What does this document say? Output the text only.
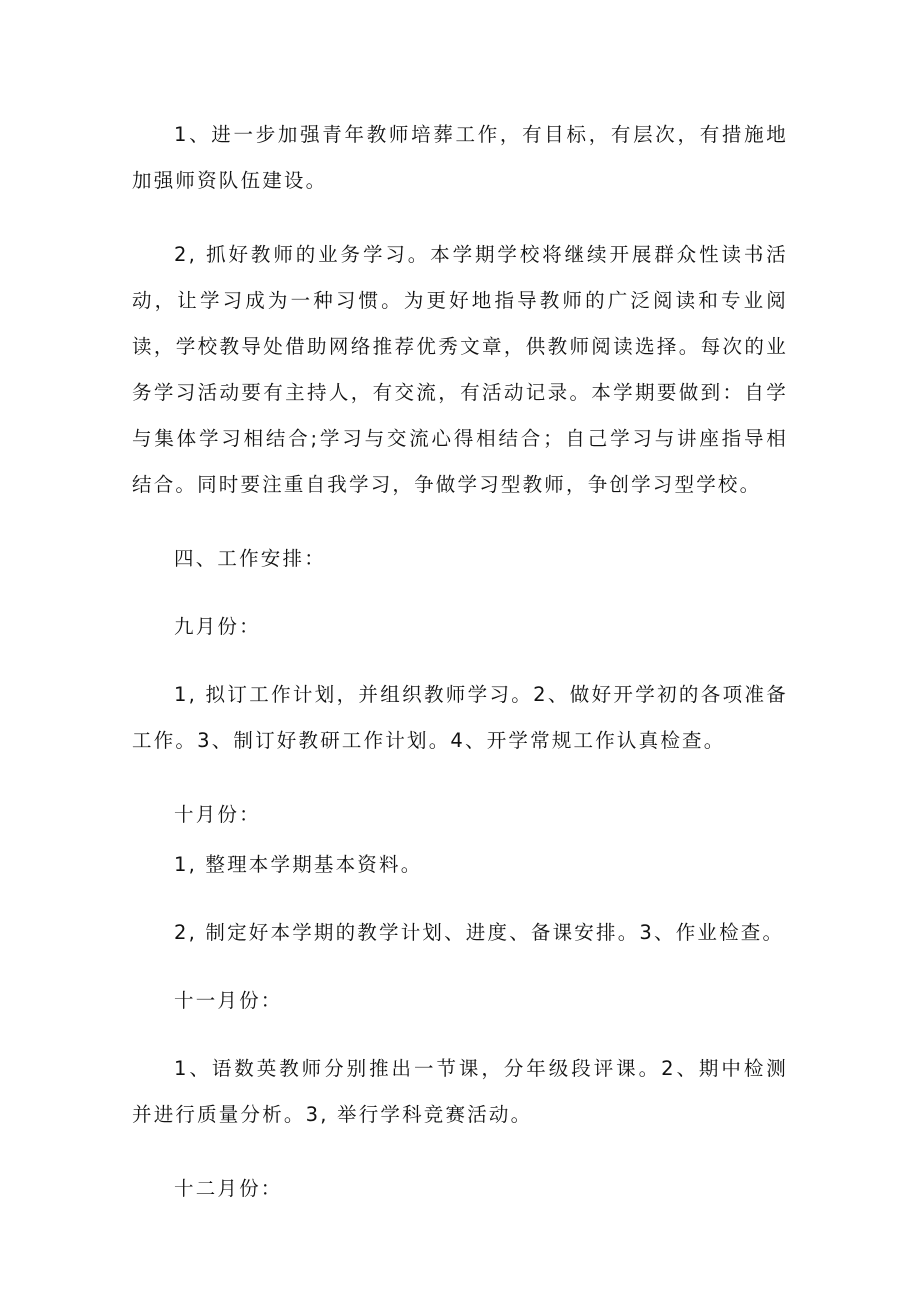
1、进一步加强青年教师培葬工作，有目标，有层次，有措施地加强师资队伍建设。

2, 抓好教师的业务学习。本学期学校将继续开展群众性读书活动，让学习成为一种习惯。为更好地指导教师的广泛阅读和专业阅读，学校教导处借助网络推荐优秀文章，供教师阅读选择。每次的业务学习活动要有主持人，有交流，有活动记录。本学期要做到：自学与集体学习相结合;学习与交流心得相结合；自己学习与讲座指导相结合。同时要注重自我学习，争做学习型教师，争创学习型学校。

四、工作安排：

九月份：

1, 拟订工作计划，并组织教师学习。2、做好开学初的各项准备工作。3、制订好教研工作计划。4、开学常规工作认真检查。

十月份：

1, 整理本学期基本资料。

2, 制定好本学期的教学计划、进度、备课安排。3、作业检查。

十一月份：

1、语数英教师分别推出一节课，分年级段评课。2、期中检测并进行质量分析。3, 举行学科竞赛活动。

十二月份：
